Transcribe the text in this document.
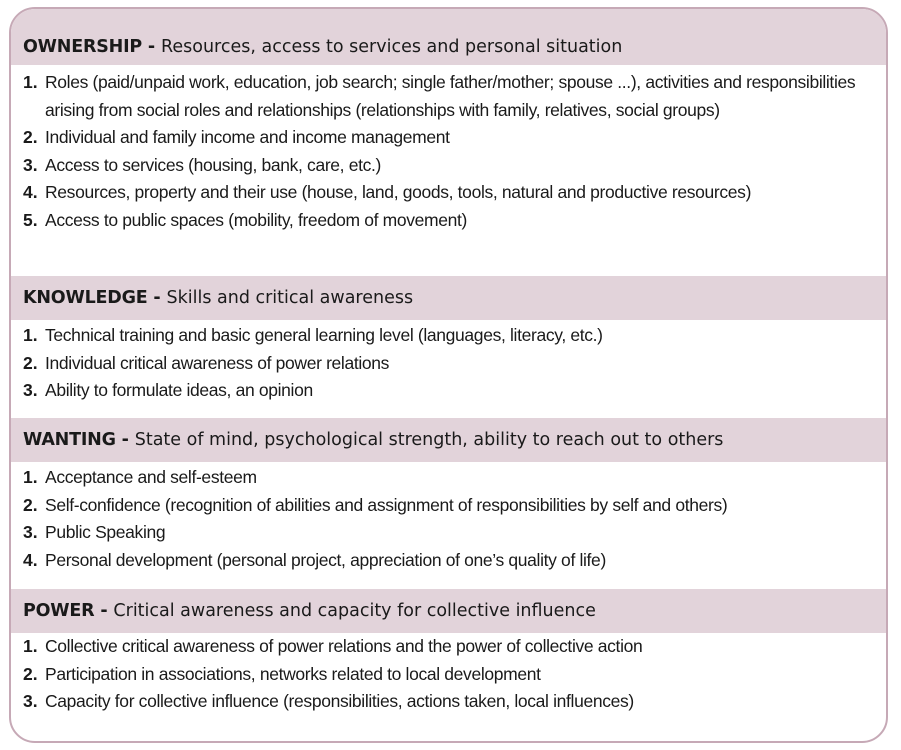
OWNERSHIP - Resources, access to services and personal situation
1. Roles (paid/unpaid work, education, job search; single father/mother; spouse ...), activities and responsibilities arising from social roles and relationships (relationships with family, relatives, social groups)
2. Individual and family income and income management
3. Access to services (housing, bank, care, etc.)
4. Resources, property and their use (house, land, goods, tools, natural and productive resources)
5. Access to public spaces (mobility, freedom of movement)
KNOWLEDGE - Skills and critical awareness
1. Technical training and basic general learning level (languages, literacy, etc.)
2. Individual critical awareness of power relations
3. Ability to formulate ideas, an opinion
WANTING - State of mind, psychological strength, ability to reach out to others
1. Acceptance and self-esteem
2. Self-confidence (recognition of abilities and assignment of responsibilities by self and others)
3. Public Speaking
4. Personal development (personal project, appreciation of one’s quality of life)
POWER - Critical awareness and capacity for collective influence
1. Collective critical awareness of power relations and the power of collective action
2. Participation in associations, networks related to local development
3. Capacity for collective influence (responsibilities, actions taken, local influences)
